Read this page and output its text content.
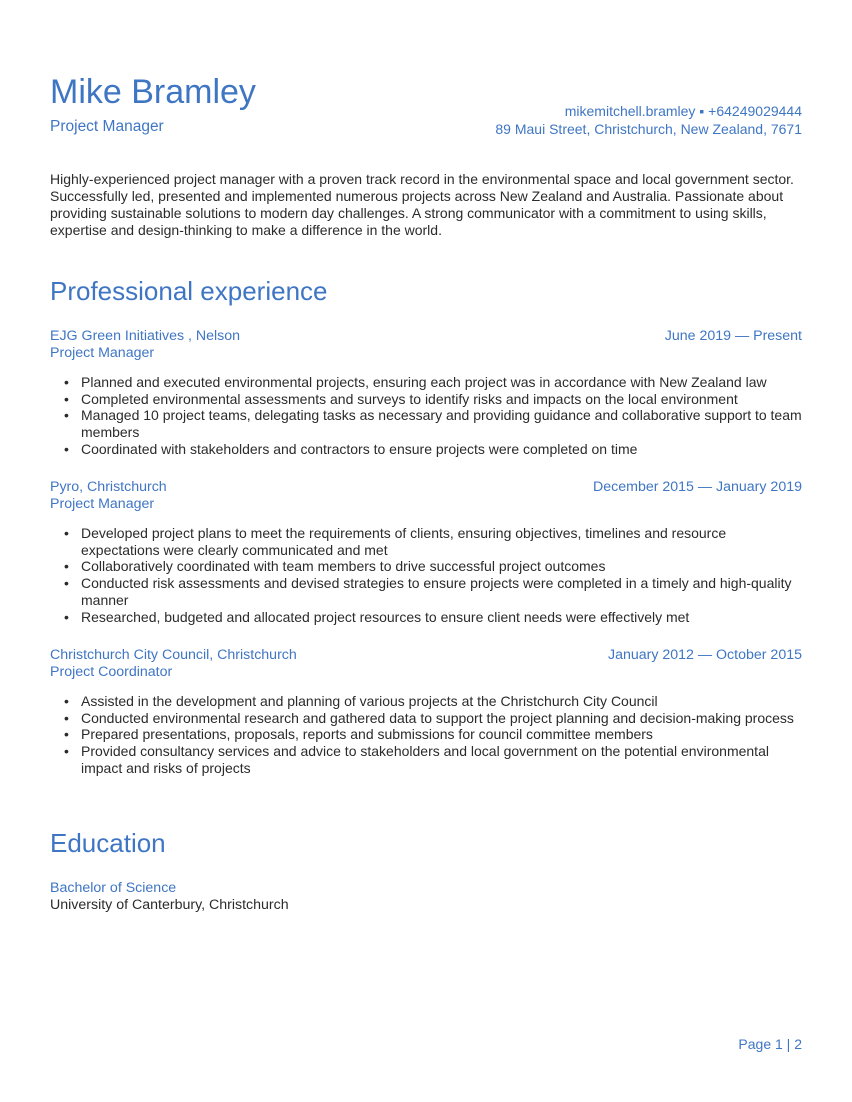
Mike Bramley
Project Manager
mikemitchell.bramley ▪ +64249029444
89 Maui Street, Christchurch, New Zealand, 7671
Highly-experienced project manager with a proven track record in the environmental space and local government sector. Successfully led, presented and implemented numerous projects across New Zealand and Australia. Passionate about providing sustainable solutions to modern day challenges. A strong communicator with a commitment to using skills, expertise and design-thinking to make a difference in the world.
Professional experience
EJG Green Initiatives , Nelson	June 2019 — Present
Project Manager
• Planned and executed environmental projects, ensuring each project was in accordance with New Zealand law
• Completed environmental assessments and surveys to identify risks and impacts on the local environment
• Managed 10 project teams, delegating tasks as necessary and providing guidance and collaborative support to team members
• Coordinated with stakeholders and contractors to ensure projects were completed on time
Pyro, Christchurch	December 2015 — January 2019
Project Manager
• Developed project plans to meet the requirements of clients, ensuring objectives, timelines and resource expectations were clearly communicated and met
• Collaboratively coordinated with team members to drive successful project outcomes
• Conducted risk assessments and devised strategies to ensure projects were completed in a timely and high-quality manner
• Researched, budgeted and allocated project resources to ensure client needs were effectively met
Christchurch City Council, Christchurch	January 2012 — October 2015
Project Coordinator
• Assisted in the development and planning of various projects at the Christchurch City Council
• Conducted environmental research and gathered data to support the project planning and decision-making process
• Prepared presentations, proposals, reports and submissions for council committee members
• Provided consultancy services and advice to stakeholders and local government on the potential environmental impact and risks of projects
Education
Bachelor of Science
University of Canterbury, Christchurch
Page 1 | 2
